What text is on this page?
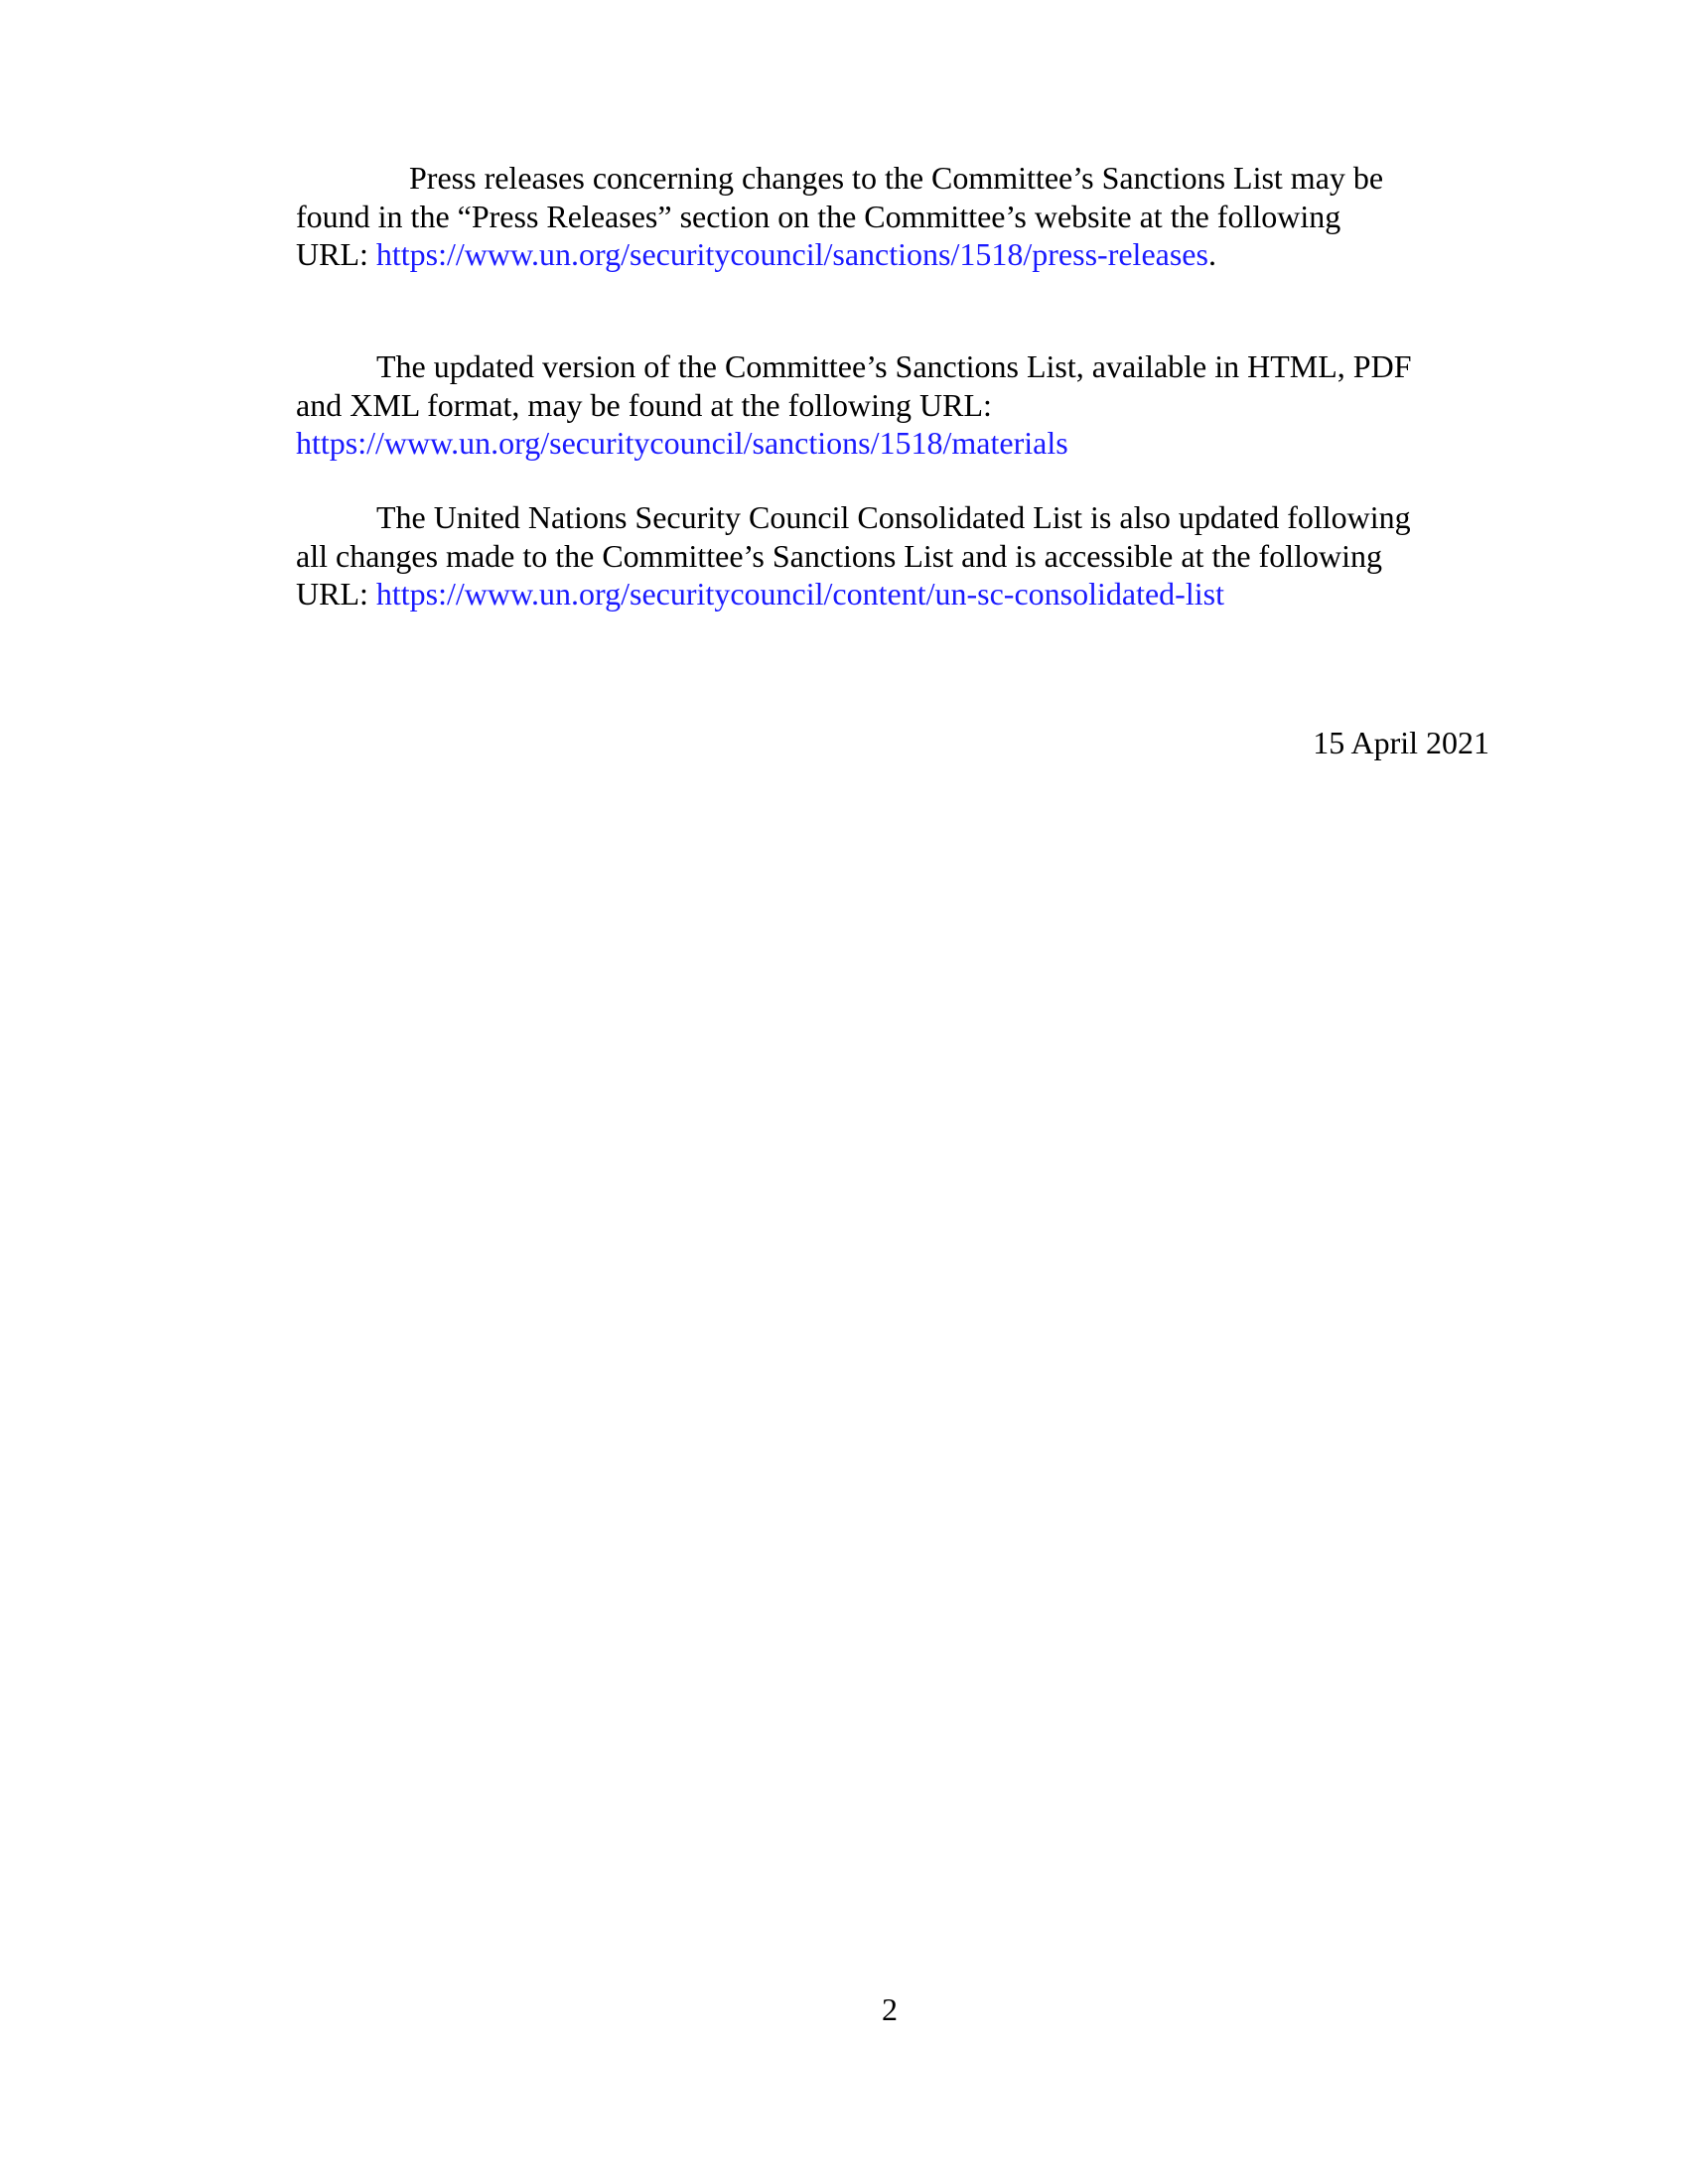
Press releases concerning changes to the Committee’s Sanctions List may be
found in the “Press Releases” section on the Committee’s website at the following
URL: https://www.un.org/securitycouncil/sanctions/1518/press-releases.

The updated version of the Committee’s Sanctions List, available in HTML, PDF
and XML format, may be found at the following URL:
https://www.un.org/securitycouncil/sanctions/1518/materials

The United Nations Security Council Consolidated List is also updated following
all changes made to the Committee’s Sanctions List and is accessible at the following
URL: https://www.un.org/securitycouncil/content/un-sc-consolidated-list

15 April 2021
2
